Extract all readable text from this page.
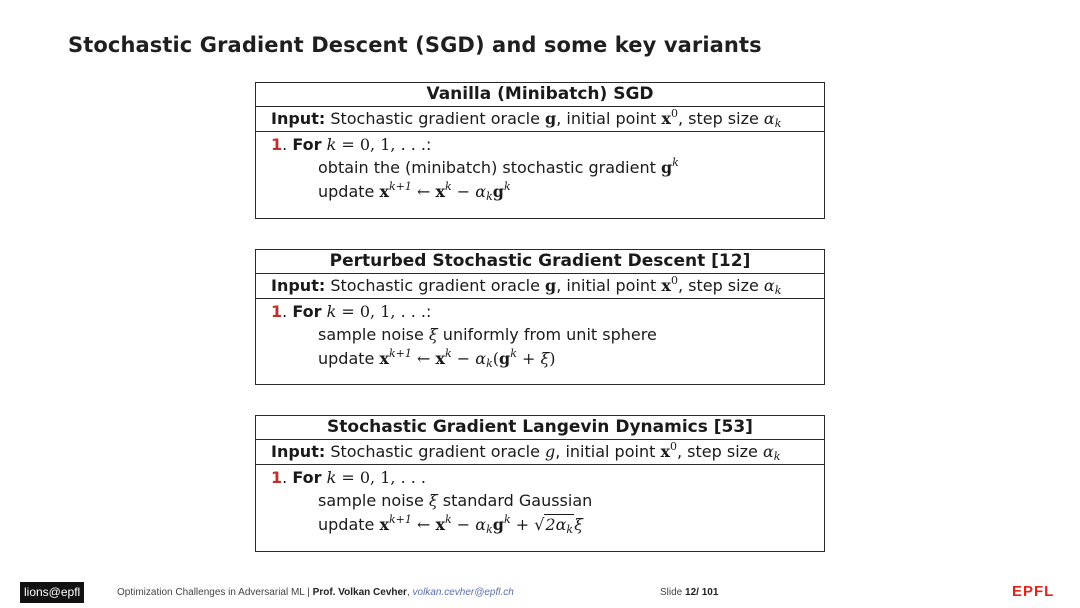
Stochastic Gradient Descent (SGD) and some key variants
Vanilla (Minibatch) SGD
Input: Stochastic gradient oracle g, initial point $x^0$, step size $\alpha_k$
1. For k = 0, 1, . . .:
obtain the (minibatch) stochastic gradient $g^k$
update $x^{k+1}$ ← $x^k - \alpha_kg^k$
Perturbed Stochastic Gradient Descent [12]
Input: Stochastic gradient oracle g, initial point $x^0$, step size $\alpha_k$
1. For k = 0, 1, . . .:
sample noise ξ uniformly from unit sphere
update $x^{k+1}$ ← $x^k - \alpha_k(g^k + \xi)$
Stochastic Gradient Langevin Dynamics [53]
Input: Stochastic gradient oracle g, initial point $x^0$, step size $\alpha_k$
1. For k = 0, 1, . . .
sample noise ξ standard Gaussian
update $x^{k+1}$ ← $x^k - \alpha_kg^k + √2\alpha_k\xi$
lions@epfl	Optimization Challenges in Adversarial ML | Prof. Volkan Cevher, volkan.cevher@epfl.ch	Slide 12/ 101	EPFL
